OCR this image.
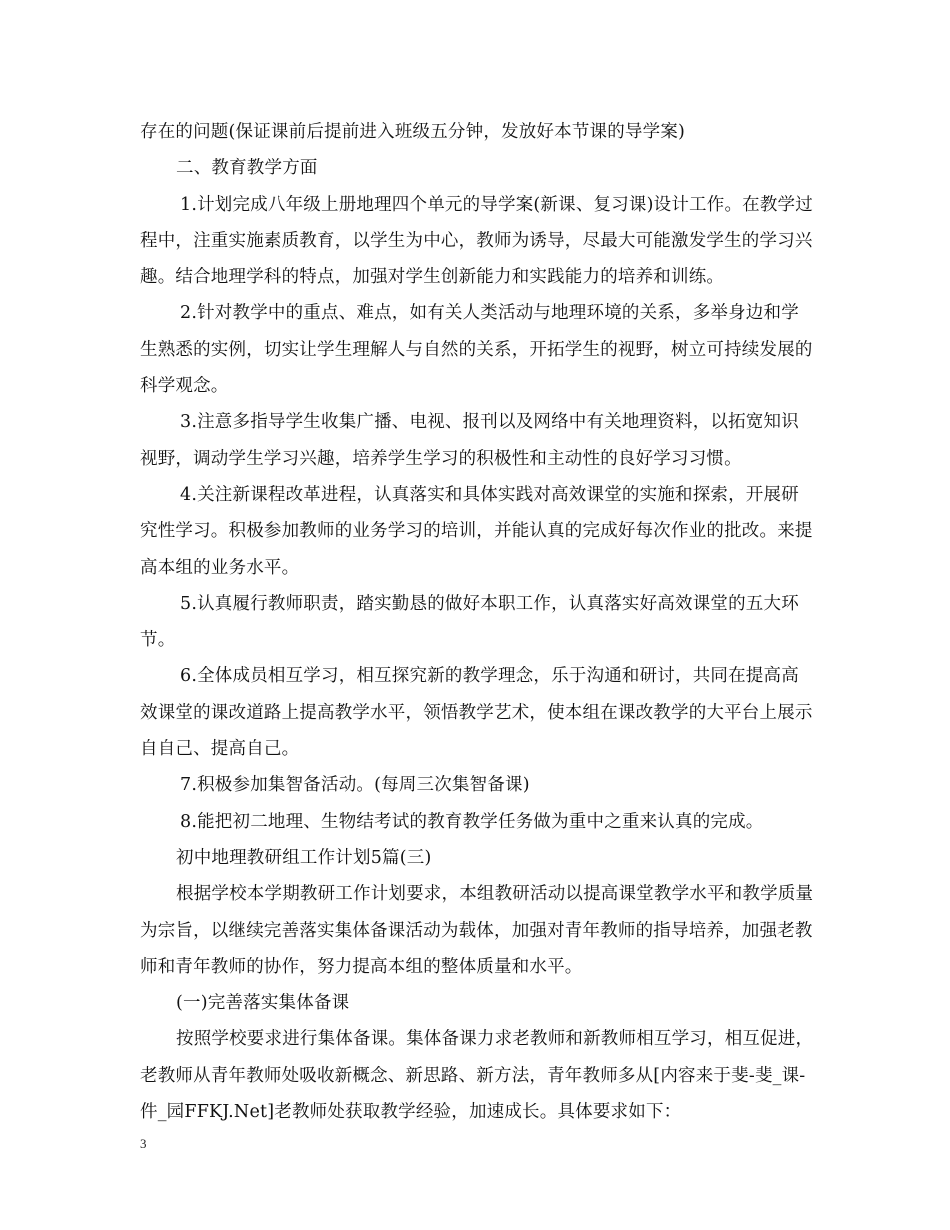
存在的问题(保证课前后提前进入班级五分钟，发放好本节课的导学案)

二、教育教学方面

1.计划完成八年级上册地理四个单元的导学案(新课、复习课)设计工作。在教学过程中，注重实施素质教育，以学生为中心，教师为诱导，尽最大可能激发学生的学习兴趣。结合地理学科的特点，加强对学生创新能力和实践能力的培养和训练。

2.针对教学中的重点、难点，如有关人类活动与地理环境的关系，多举身边和学生熟悉的实例，切实让学生理解人与自然的关系，开拓学生的视野，树立可持续发展的科学观念。

3.注意多指导学生收集广播、电视、报刊以及网络中有关地理资料，以拓宽知识视野，调动学生学习兴趣，培养学生学习的积极性和主动性的良好学习习惯。

4.关注新课程改革进程，认真落实和具体实践对高效课堂的实施和探索，开展研究性学习。积极参加教师的业务学习的培训，并能认真的完成好每次作业的批改。来提高本组的业务水平。

5.认真履行教师职责，踏实勤恳的做好本职工作，认真落实好高效课堂的五大环节。

6.全体成员相互学习，相互探究新的教学理念，乐于沟通和研讨，共同在提高高效课堂的课改道路上提高教学水平，领悟教学艺术，使本组在课改教学的大平台上展示自自己、提高自己。

7.积极参加集智备活动。(每周三次集智备课)

8.能把初二地理、生物结考试的教育教学任务做为重中之重来认真的完成。

初中地理教研组工作计划5篇(三)

根据学校本学期教研工作计划要求，本组教研活动以提高课堂教学水平和教学质量为宗旨，以继续完善落实集体备课活动为载体，加强对青年教师的指导培养，加强老教师和青年教师的协作，努力提高本组的整体质量和水平。

(一)完善落实集体备课

按照学校要求进行集体备课。集体备课力求老教师和新教师相互学习，相互促进，老教师从青年教师处吸收新概念、新思路、新方法，青年教师多从[内容来于斐-斐_课-件_园FFKJ.Net]老教师处获取教学经验，加速成长。具体要求如下：

3
